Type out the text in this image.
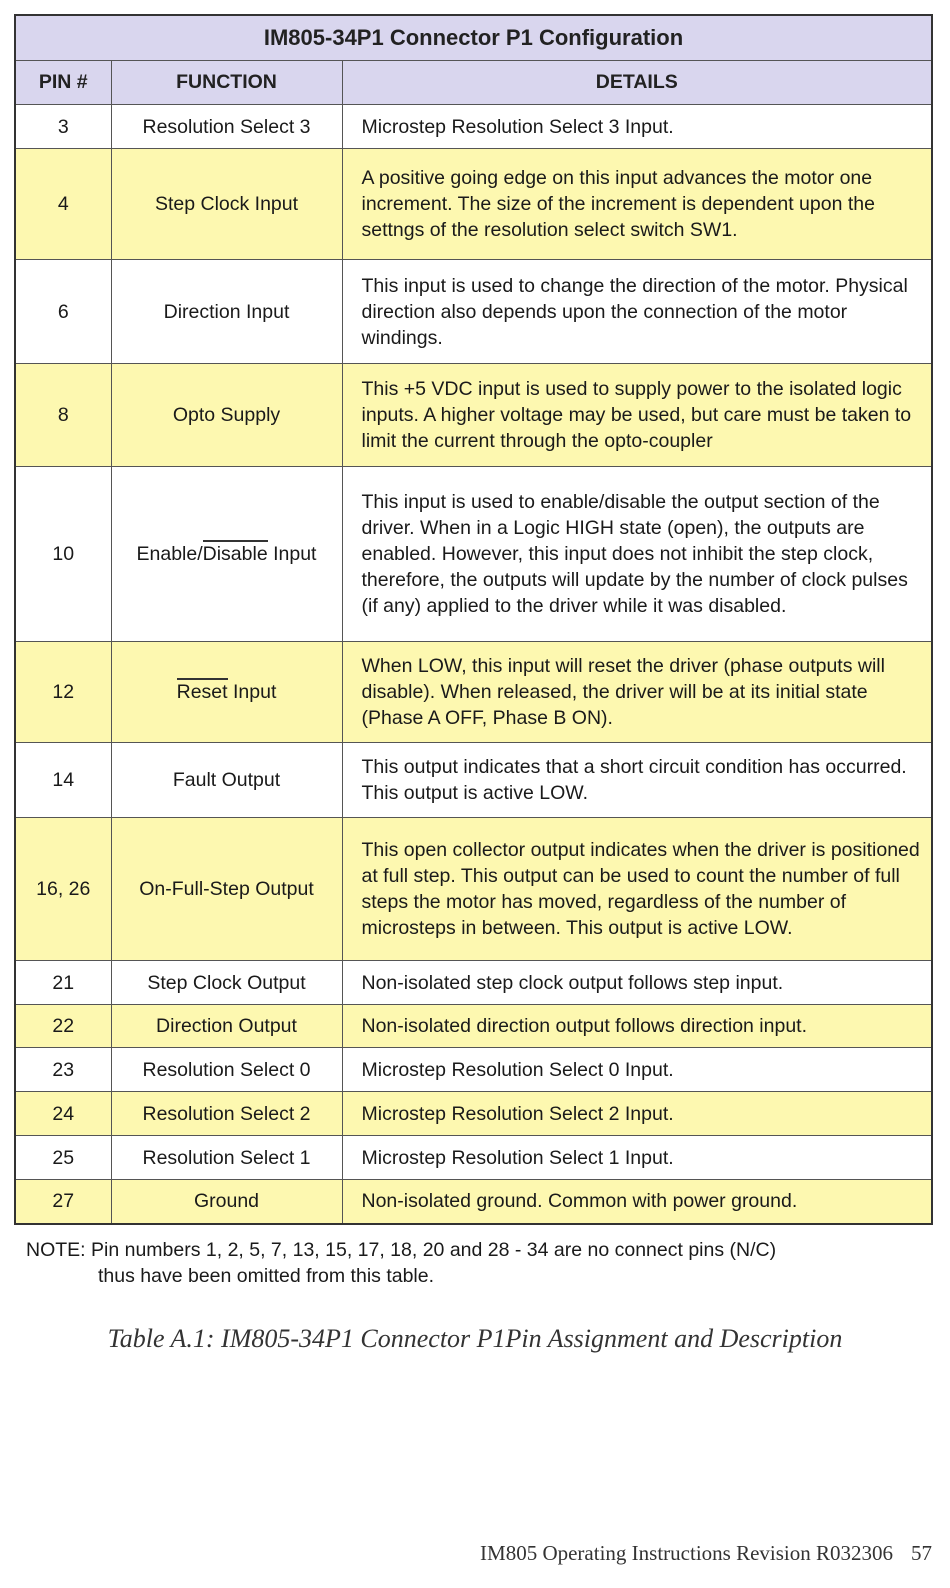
IM805-34P1 Connector P1 Configuration		
PIN #	FUNCTION	DETAILS
3	Resolution Select 3	Microstep Resolution Select 3 Input.
4	Step Clock Input	A positive going edge on this input advances the motor one increment. The size of the increment is dependent upon the settngs of the resolution select switch SW1.
6	Direction Input	This input is used to change the direction of the motor. Physical direction also depends upon the connection of the motor windings.
8	Opto Supply	This +5 VDC input is used to supply power to the isolated logic inputs. A higher voltage may be used, but care must be taken to limit the current through the opto-coupler
10	Enable/Disable Input	This input is used to enable/disable the output section of the driver. When in a Logic HIGH state (open), the outputs are enabled. However, this input does not inhibit the step clock, therefore, the outputs will update by the number of clock pulses (if any) applied to the driver while it was disabled.
12	Reset Input	When LOW, this input will reset the driver (phase outputs will disable). When released, the driver will be at its initial state (Phase A OFF, Phase B ON).
14	Fault Output	This output indicates that a short circuit condition has occurred. This output is active LOW.
16, 26	On-Full-Step Output	This open collector output indicates when the driver is positioned at full step. This output can be used to count the number of full steps the motor has moved, regardless of the number of microsteps in between. This output is active LOW.
21	Step Clock Output	Non-isolated step clock output follows step input.
22	Direction Output	Non-isolated direction output follows direction input.
23	Resolution Select 0	Microstep Resolution Select 0 Input.
24	Resolution Select 2	Microstep Resolution Select 2 Input.
25	Resolution Select 1	Microstep Resolution Select 1 Input.
27	Ground	Non-isolated ground. Common with power ground.
NOTE: Pin numbers 1, 2, 5, 7, 13, 15, 17, 18, 20 and 28 - 34 are no connect pins (N/C)
thus have been omitted from this table.
Table A.1: IM805-34P1 Connector P1Pin Assignment and Description
IM805 Operating Instructions Revision R032306 57
